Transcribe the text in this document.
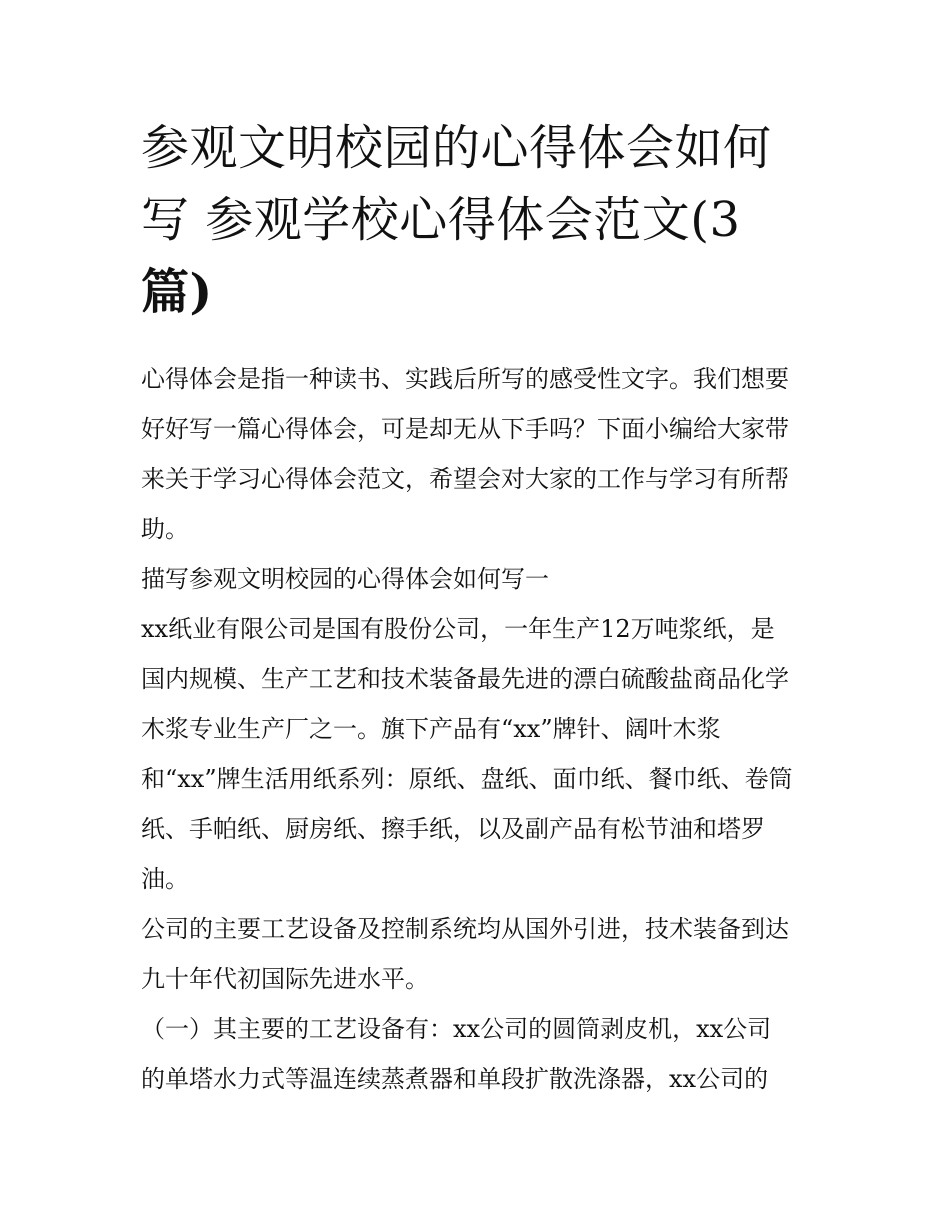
参观文明校园的心得体会如何
写 参观学校心得体会范文(3
篇)
心得体会是指一种读书、实践后所写的感受性文字。我们想要
好好写一篇心得体会，可是却无从下手吗？下面小编给大家带
来关于学习心得体会范文，希望会对大家的工作与学习有所帮
助。
描写参观文明校园的心得体会如何写一
xx纸业有限公司是国有股份公司，一年生产12万吨浆纸，是
国内规模、生产工艺和技术装备最先进的漂白硫酸盐商品化学
木浆专业生产厂之一。旗下产品有“xx”牌针、阔叶木浆
和“xx”牌生活用纸系列：原纸、盘纸、面巾纸、餐巾纸、卷筒
纸、手帕纸、厨房纸、擦手纸，以及副产品有松节油和塔罗
油。
公司的主要工艺设备及控制系统均从国外引进，技术装备到达
九十年代初国际先进水平。
（一）其主要的工艺设备有：xx公司的圆筒剥皮机，xx公司
的单塔水力式等温连续蒸煮器和单段扩散洗涤器，xx公司的
